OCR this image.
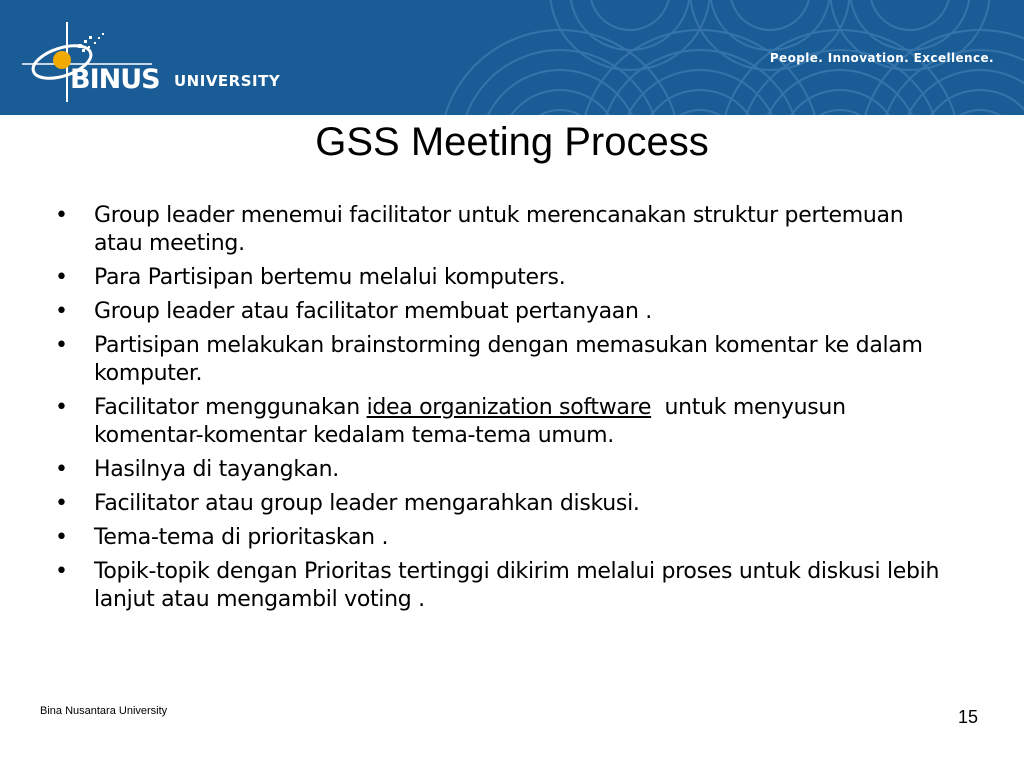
BINUS UNIVERSITY
People. Innovation. Excellence.
GSS Meeting Process
• Group leader menemui facilitator untuk merencanakan struktur pertemuan atau meeting.
• Para Partisipan bertemu melalui komputers.
• Group leader atau facilitator membuat pertanyaan .
• Partisipan melakukan brainstorming dengan memasukan komentar ke dalam komputer.
• Facilitator menggunakan idea organization software  untuk menyusun komentar-komentar kedalam tema-tema umum.
• Hasilnya di tayangkan.
• Facilitator atau group leader mengarahkan diskusi.
• Tema-tema di prioritaskan .
• Topik-topik dengan Prioritas tertinggi dikirim melalui proses untuk diskusi lebih lanjut atau mengambil voting .
Bina Nusantara University	15
